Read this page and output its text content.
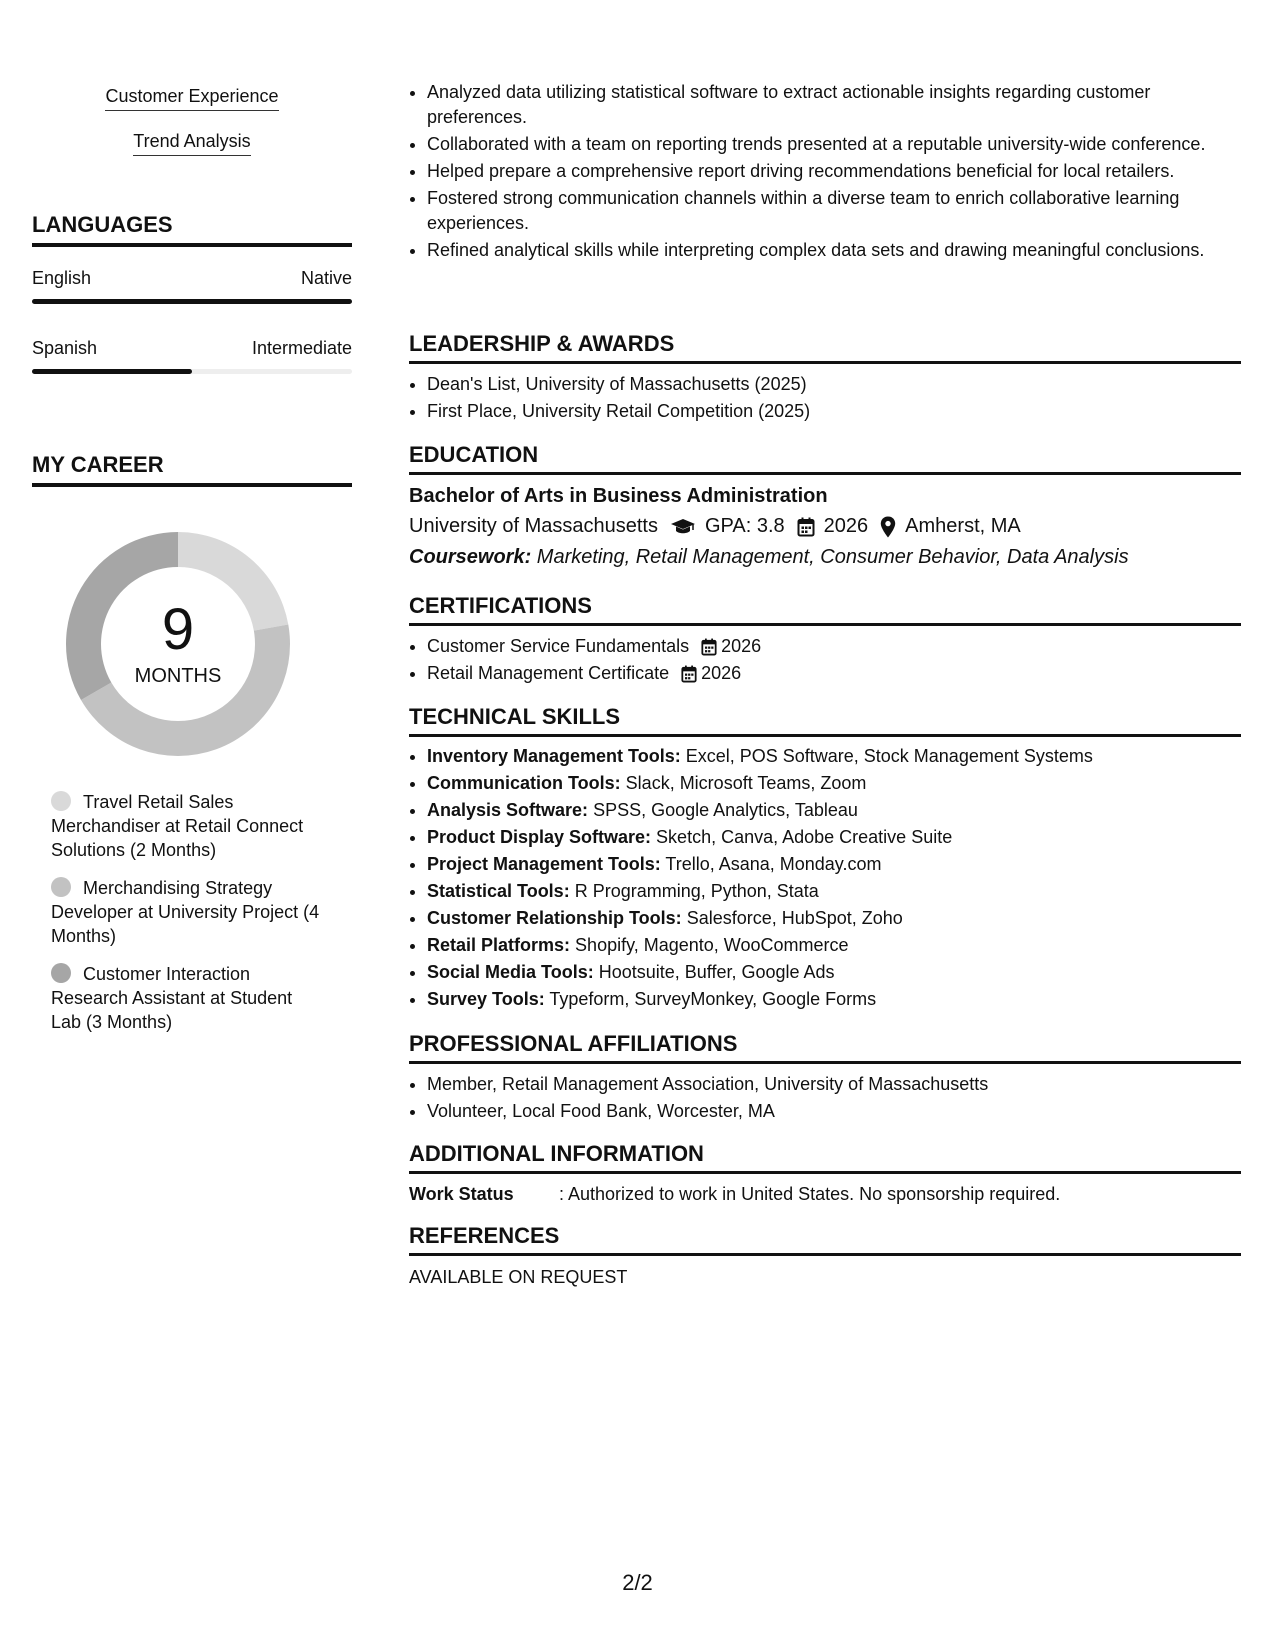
Customer Experience
Trend Analysis
LANGUAGES
English	Native
Spanish	Intermediate
MY CAREER
9
MONTHS
Travel Retail Sales Merchandiser at Retail Connect Solutions (2 Months)
Merchandising Strategy Developer at University Project (4 Months)
Customer Interaction Research Assistant at Student Lab (3 Months)
• Analyzed data utilizing statistical software to extract actionable insights regarding customer preferences.
• Collaborated with a team on reporting trends presented at a reputable university-wide conference.
• Helped prepare a comprehensive report driving recommendations beneficial for local retailers.
• Fostered strong communication channels within a diverse team to enrich collaborative learning experiences.
• Refined analytical skills while interpreting complex data sets and drawing meaningful conclusions.
LEADERSHIP & AWARDS
• Dean's List, University of Massachusetts (2025)
• First Place, University Retail Competition (2025)
EDUCATION
Bachelor of Arts in Business Administration
University of Massachusetts GPA: 3.8 2026 Amherst, MA
Coursework: Marketing, Retail Management, Consumer Behavior, Data Analysis
CERTIFICATIONS
• Customer Service Fundamentals 2026
• Retail Management Certificate 2026
TECHNICAL SKILLS
• Inventory Management Tools: Excel, POS Software, Stock Management Systems
• Communication Tools: Slack, Microsoft Teams, Zoom
• Analysis Software: SPSS, Google Analytics, Tableau
• Product Display Software: Sketch, Canva, Adobe Creative Suite
• Project Management Tools: Trello, Asana, Monday.com
• Statistical Tools: R Programming, Python, Stata
• Customer Relationship Tools: Salesforce, HubSpot, Zoho
• Retail Platforms: Shopify, Magento, WooCommerce
• Social Media Tools: Hootsuite, Buffer, Google Ads
• Survey Tools: Typeform, SurveyMonkey, Google Forms
PROFESSIONAL AFFILIATIONS
• Member, Retail Management Association, University of Massachusetts
• Volunteer, Local Food Bank, Worcester, MA
ADDITIONAL INFORMATION
Work Status	: Authorized to work in United States. No sponsorship required.
REFERENCES
AVAILABLE ON REQUEST
2/2
